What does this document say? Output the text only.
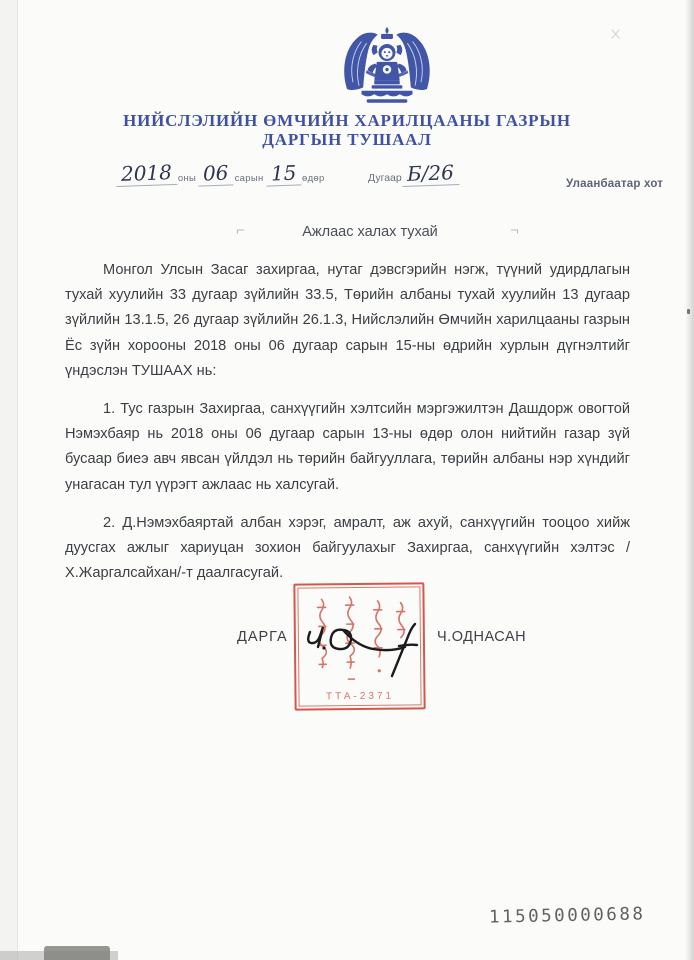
НИЙСЛЭЛИЙН ӨМЧИЙН ХАРИЛЦААНЫ ГАЗРЫН
ДАРГЫН ТУШААЛ
2018 оны 06 сарын 15 өдөр	Дугаар Б/26	Улаанбаатар хот
⌐	Ажлаас халах тухай	¬

Монгол Улсын Засаг захиргаа, нутаг дэвсгэрийн нэгж, түүний удирдлагын тухай хуулийн 33 дугаар зүйлийн 33.5, Төрийн албаны тухай хуулийн 13 дугаар зүйлийн 13.1.5, 26 дугаар зүйлийн 26.1.3, Нийслэлийн Өмчийн харилцааны газрын Ёс зүйн хорооны 2018 оны 06 дугаар сарын 15-ны өдрийн хурлын дүгнэлтийг үндэслэн ТУШААХ нь:

1. Тус газрын Захиргаа, санхүүгийн хэлтсийн мэргэжилтэн Дашдорж овогтой Нэмэхбаяр нь 2018 оны 06 дугаар сарын 13-ны өдөр олон нийтийн газар зүй бусаар биеэ авч явсан үйлдэл нь төрийн байгууллага, төрийн албаны нэр хүндийг унагасан тул үүрэгт ажлаас нь халсугай.

2. Д.Нэмэхбаяртай албан хэрэг, амралт, аж ахуй, санхүүгийн тооцоо хийж дуусгах ажлыг хариуцан зохион байгуулахыг Захиргаа, санхүүгийн хэлтэс /Х.Жаргалсайхан/-т даалгасугай.

ДАРГА	Ч.ОДНАСАН
ТТА-2371
115050000688
